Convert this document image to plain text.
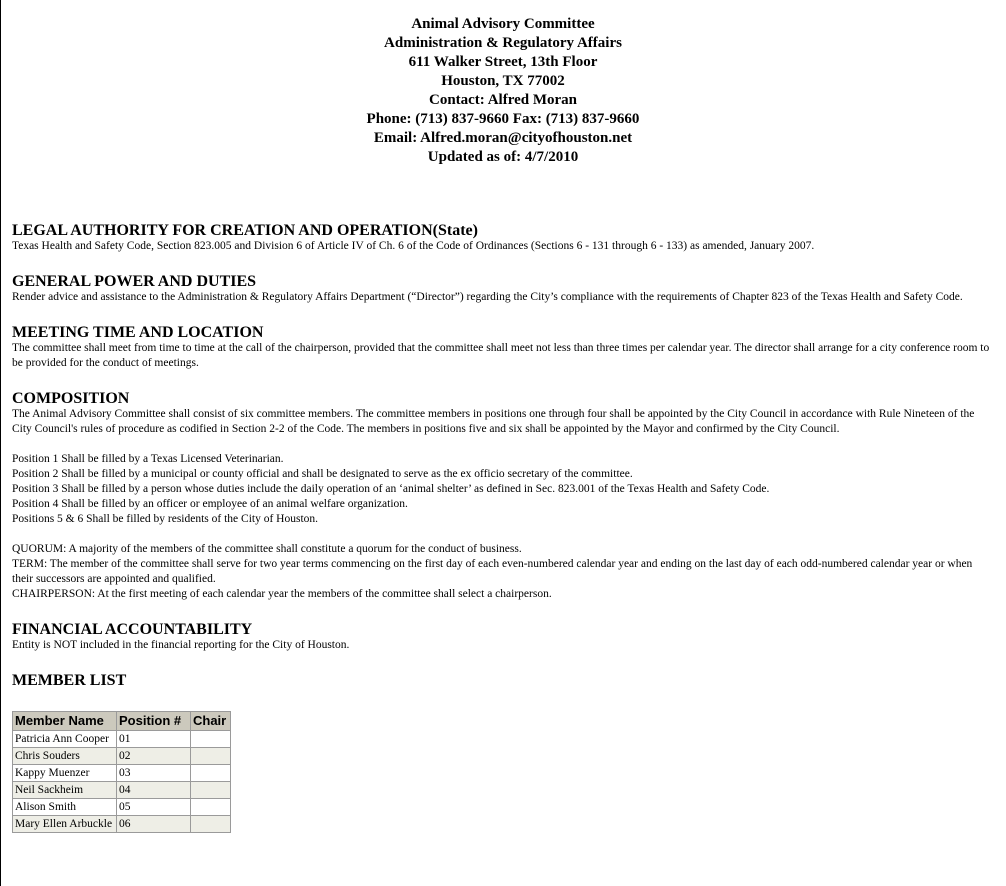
Animal Advisory Committee
Administration & Regulatory Affairs
611 Walker Street, 13th Floor
Houston, TX 77002
Contact: Alfred Moran
Phone: (713) 837-9660 Fax: (713) 837-9660
Email: Alfred.moran@cityofhouston.net
Updated as of: 4/7/2010
LEGAL AUTHORITY FOR CREATION AND OPERATION(State)

Texas Health and Safety Code, Section 823.005 and Division 6 of Article IV of Ch. 6 of the Code of Ordinances (Sections 6 - 131 through 6 - 133) as amended, January 2007.

GENERAL POWER AND DUTIES

Render advice and assistance to the Administration & Regulatory Affairs Department (“Director”) regarding the City’s compliance with the requirements of Chapter 823 of the Texas Health and Safety Code.

MEETING TIME AND LOCATION

The committee shall meet from time to time at the call of the chairperson, provided that the committee shall meet not less than three times per calendar year. The director shall arrange for a city conference room to be provided for the conduct of meetings.

COMPOSITION

The Animal Advisory Committee shall consist of six committee members. The committee members in positions one through four shall be appointed by the City Council in accordance with Rule Nineteen of the City Council's rules of procedure as codified in Section 2-2 of the Code. The members in positions five and six shall be appointed by the Mayor and confirmed by the City Council.

Position 1 Shall be filled by a Texas Licensed Veterinarian.

Position 2 Shall be filled by a municipal or county official and shall be designated to serve as the ex officio secretary of the committee.

Position 3 Shall be filled by a person whose duties include the daily operation of an ‘animal shelter’ as defined in Sec. 823.001 of the Texas Health and Safety Code.

Position 4 Shall be filled by an officer or employee of an animal welfare organization.

Positions 5 & 6 Shall be filled by residents of the City of Houston.

QUORUM: A majority of the members of the committee shall constitute a quorum for the conduct of business.

TERM: The member of the committee shall serve for two year terms commencing on the first day of each even-numbered calendar year and ending on the last day of each odd-numbered calendar year or when their successors are appointed and qualified.

CHAIRPERSON: At the first meeting of each calendar year the members of the committee shall select a chairperson.

FINANCIAL ACCOUNTABILITY

Entity is NOT included in the financial reporting for the City of Houston.

MEMBER LIST
Member Name	Position #	Chair
Patricia Ann Cooper	01	
Chris Souders	02	
Kappy Muenzer	03	
Neil Sackheim	04	
Alison Smith	05	
Mary Ellen Arbuckle	06	
